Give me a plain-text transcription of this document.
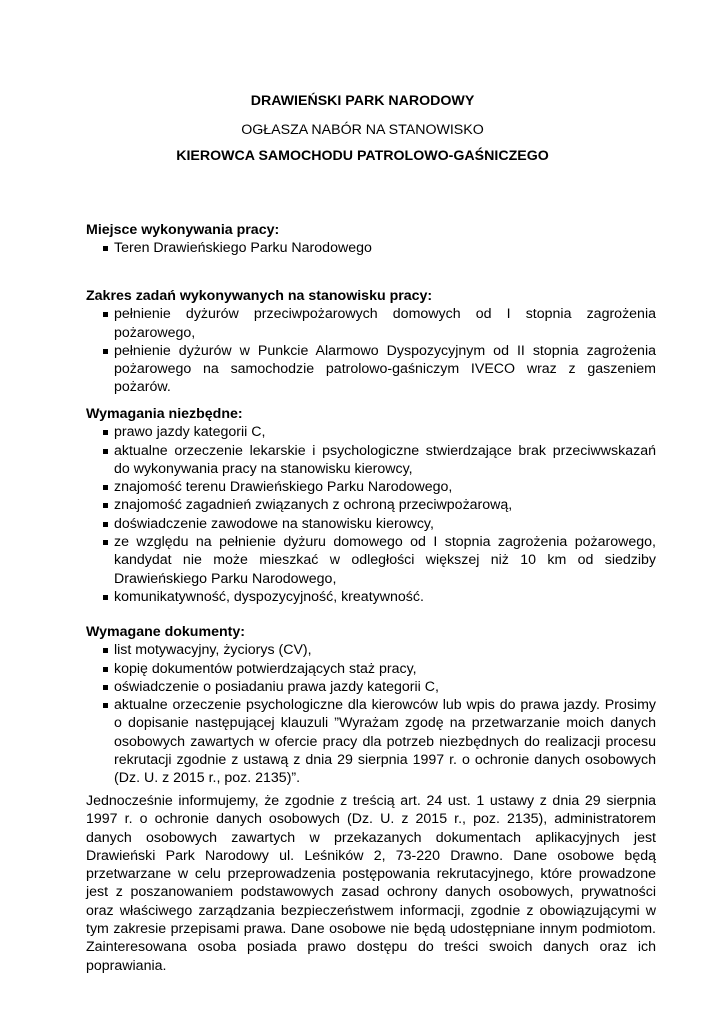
DRAWIEŃSKI PARK NARODOWY
OGŁASZA NABÓR NA STANOWISKO
KIEROWCA SAMOCHODU PATROLOWO-GAŚNICZEGO
Miejsce wykonywania pracy:
Teren Drawieńskiego Parku Narodowego
Zakres zadań wykonywanych na stanowisku pracy:
pełnienie dyżurów przeciwpożarowych domowych od I stopnia zagrożenia pożarowego,
pełnienie dyżurów w Punkcie Alarmowo Dyspozycyjnym od II stopnia zagrożenia pożarowego na samochodzie patrolowo-gaśniczym IVECO wraz z gaszeniem pożarów.
Wymagania niezbędne:
prawo jazdy kategorii C,
aktualne orzeczenie lekarskie i psychologiczne stwierdzające brak przeciwwskazań do wykonywania pracy na stanowisku kierowcy,
znajomość terenu Drawieńskiego Parku Narodowego,
znajomość zagadnień związanych z ochroną przeciwpożarową,
doświadczenie zawodowe na stanowisku kierowcy,
ze względu na pełnienie dyżuru domowego od I stopnia zagrożenia pożarowego, kandydat nie może mieszkać w odległości większej niż 10 km od siedziby Drawieńskiego Parku Narodowego,
komunikatywność, dyspozycyjność, kreatywność.
Wymagane dokumenty:
list motywacyjny, życiorys (CV),
kopię dokumentów potwierdzających staż pracy,
oświadczenie o posiadaniu prawa jazdy kategorii C,
aktualne orzeczenie psychologiczne dla kierowców lub wpis do prawa jazdy. Prosimy o dopisanie następującej klauzuli ”Wyrażam zgodę na przetwarzanie moich danych osobowych zawartych w ofercie pracy dla potrzeb niezbędnych do realizacji procesu rekrutacji zgodnie z ustawą z dnia 29 sierpnia 1997 r. o ochronie danych osobowych (Dz. U. z 2015 r., poz. 2135)”.

Jednocześnie informujemy, że zgodnie z treścią art. 24 ust. 1 ustawy z dnia 29 sierpnia 1997 r. o ochronie danych osobowych (Dz. U. z 2015 r., poz. 2135), administratorem danych osobowych zawartych w przekazanych dokumentach aplikacyjnych jest Drawieński Park Narodowy ul. Leśników 2, 73-220 Drawno. Dane osobowe będą przetwarzane w celu przeprowadzenia postępowania rekrutacyjnego, które prowadzone jest z poszanowaniem podstawowych zasad ochrony danych osobowych, prywatności oraz właściwego zarządzania bezpieczeństwem informacji, zgodnie z obowiązującymi w tym zakresie przepisami prawa. Dane osobowe nie będą udostępniane innym podmiotom. Zainteresowana osoba posiada prawo dostępu do treści swoich danych oraz ich poprawiania.
